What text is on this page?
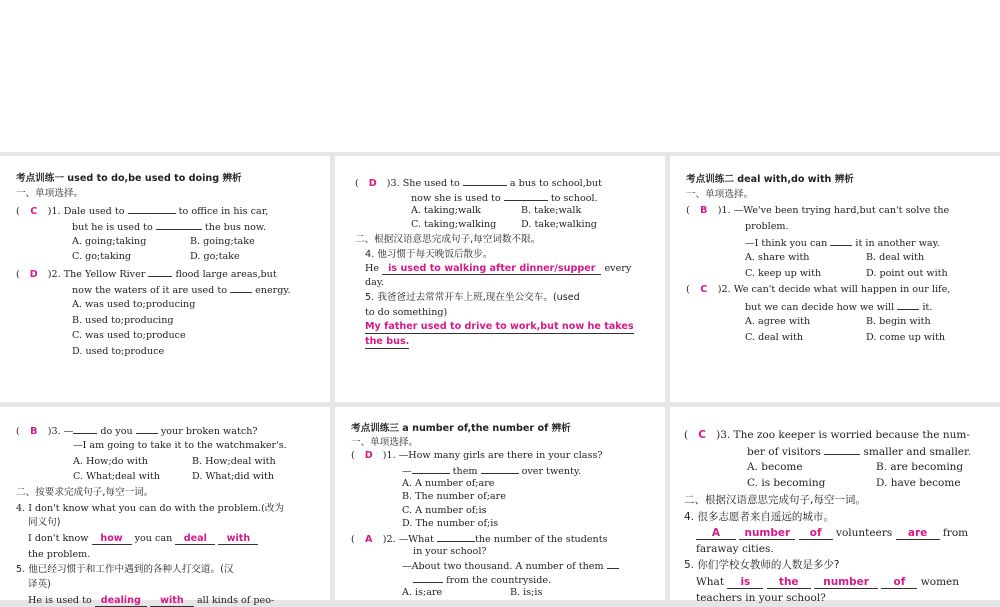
考点训练一 used to do,be used to doing 辨析
一、单项选择。
( C )1. Dale used to	to office in his car,
but he is used to	the bus now.
A. going;taking	B. going;take
C. go;taking	D. go;take
( D )2. The Yellow River	flood large areas,but
now the waters of it are used to	energy.
A. was used to;producing
B. used to;producing
C. was used to;produce
D. used to;produce
( D )3. She used to	a bus to school,but
now she is used to	to school.
A. taking;walk	B. take;walk
C. taking;walking	D. take;walking
二、根据汉语意思完成句子,每空词数不限。
4. 他习惯于每天晚饭后散步。
He is used to walking after dinner/supper every
day.
5. 我爸爸过去常常开车上班,现在坐公交车。(used
to do something)
My father used to drive to work,but now he takes
the bus.
考点训练二 deal with,do with 辨析
一、单项选择。
( B )1. —We've been trying hard,but can't solve the
problem.
—I think you can	it in another way.
A. share with	B. deal with
C. keep up with	D. point out with
( C )2. We can't decide what will happen in our life,
but we can decide how we will	it.
A. agree with	B. begin with
C. deal with	D. come up with
( B )3. —	do you	your broken watch?
—I am going to take it to the watchmaker's.
A. How;do with	B. How;deal with
C. What;deal with	D. What;did with
二、按要求完成句子,每空一词。
4. I don't know what you can do with the problem.(改为
同义句)
I don't know how you can deal with
the problem.
5. 他已经习惯于和工作中遇到的各种人打交道。(汉
译英)
He is used to dealing with all kinds of peo-
考点训练三 a number of,the number of 辨析
一、单项选择。
( D )1. —How many girls are there in your class?
—	them	over twenty.
A. A number of;are
B. The number of;are
C. A number of;is
D. The number of;is
( A )2. —What	the number of the students
in your school?
—About two thousand. A number of them
from the countryside.
A. is;are	B. is;is
( C )3. The zoo keeper is worried because the num-
ber of visitors	smaller and smaller.
A. become	B. are becoming
C. is becoming	D. have become
二、根据汉语意思完成句子,每空一词。
4. 很多志愿者来自遥远的城市。
A number of volunteers are from
faraway cities.
5. 你们学校女教师的人数是多少?
What is	the number of women
teachers in your school?
